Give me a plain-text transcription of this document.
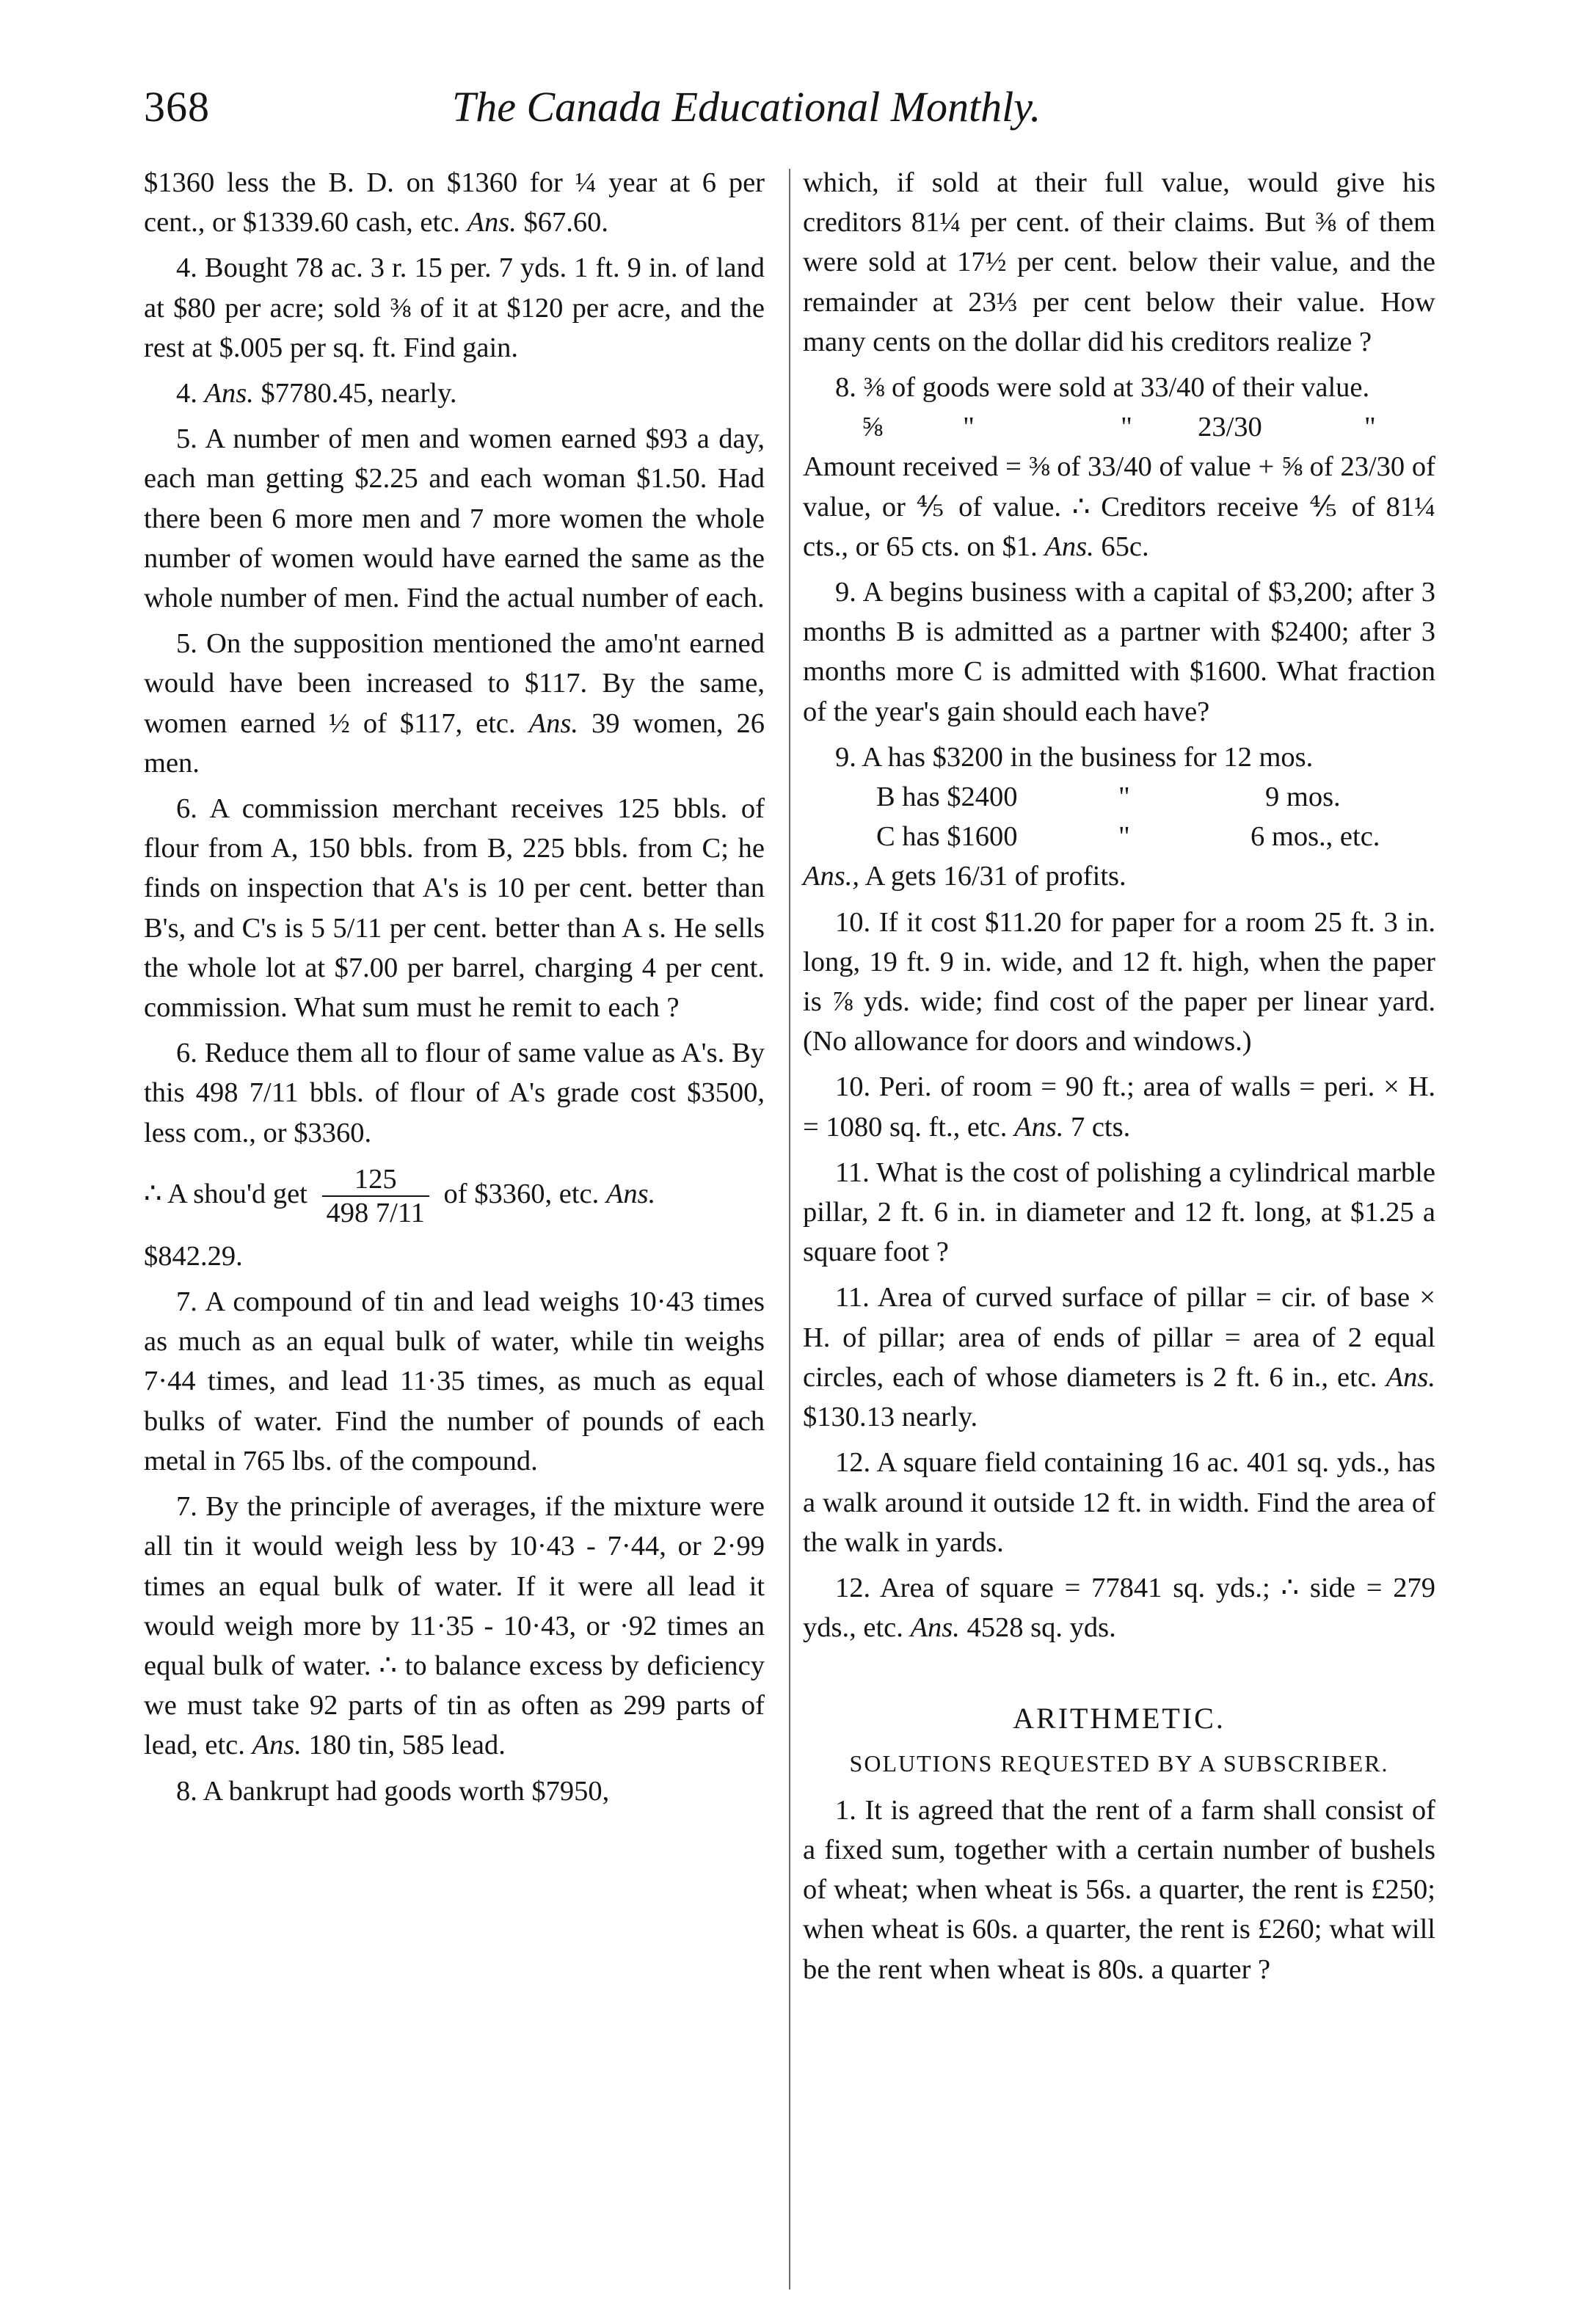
368	The Canada Educational Monthly.

$1360 less the B. D. on $1360 for ¼ year at 6 per cent., or $1339.60 cash, etc. Ans. $67.60.

4. Bought 78 ac. 3 r. 15 per. 7 yds. 1 ft. 9 in. of land at $80 per acre; sold ⅜ of it at $120 per acre, and the rest at $.005 per sq. ft. Find gain.

4. Ans. $7780.45, nearly.

5. A number of men and women earned $93 a day, each man getting $2.25 and each woman $1.50. Had there been 6 more men and 7 more women the whole number of women would have earned the same as the whole number of men. Find the actual number of each.

5. On the supposition mentioned the amo'nt earned would have been increased to $117. By the same, women earned ½ of $117, etc. Ans. 39 women, 26 men.

6. A commission merchant receives 125 bbls. of flour from A, 150 bbls. from B, 225 bbls. from C; he finds on inspection that A's is 10 per cent. better than B's, and C's is 5 5/11 per cent. better than A s. He sells the whole lot at $7.00 per barrel, charging 4 per cent. commission. What sum must he remit to each ?

6. Reduce them all to flour of same value as A's. By this 498 7/11 bbls. of flour of A's grade cost $3500, less com., or $3360.

∴ A shou'd get $\frac{125}{498 7/11}$ of $3360, etc. Ans.

$842.29.

7. A compound of tin and lead weighs 10·43 times as much as an equal bulk of water, while tin weighs 7·44 times, and lead 11·35 times, as much as equal bulks of water. Find the number of pounds of each metal in 765 lbs. of the compound.

7. By the principle of averages, if the mixture were all tin it would weigh less by 10·43 - 7·44, or 2·99 times an equal bulk of water. If it were all lead it would weigh more by 11·35 - 10·43, or ·92 times an equal bulk of water. ∴ to balance excess by deficiency we must take 92 parts of tin as often as 299 parts of lead, etc. Ans. 180 tin, 585 lead.

8. A bankrupt had goods worth $7950,

which, if sold at their full value, would give his creditors 81¼ per cent. of their claims. But ⅜ of them were sold at 17½ per cent. below their value, and the remainder at 23⅓ per cent below their value. How many cents on the dollar did his creditors realize ?

8. ⅜ of goods were sold at 33/40 of their value.
⅝	"	" 23/30	"
Amount received = ⅜ of 33/40 of value + ⅝ of 23/30 of value, or ⅘ of value. ∴ Creditors receive ⅘ of 81¼ cts., or 65 cts. on $1. Ans. 65c.

9. A begins business with a capital of $3,200; after 3 months B is admitted as a partner with $2400; after 3 months more C is admitted with $1600. What fraction of the year's gain should each have?

9. A has $3200 in the business for 12 mos.
B has $2400	"	9 mos.
C has $1600	"	6 mos., etc.
Ans., A gets 16/31 of profits.

10. If it cost $11.20 for paper for a room 25 ft. 3 in. long, 19 ft. 9 in. wide, and 12 ft. high, when the paper is ⅞ yds. wide; find cost of the paper per linear yard. (No allowance for doors and windows.)

10. Peri. of room = 90 ft.; area of walls = peri. × H. = 1080 sq. ft., etc. Ans. 7 cts.

11. What is the cost of polishing a cylindrical marble pillar, 2 ft. 6 in. in diameter and 12 ft. long, at $1.25 a square foot ?

11. Area of curved surface of pillar = cir. of base × H. of pillar; area of ends of pillar = area of 2 equal circles, each of whose diameters is 2 ft. 6 in., etc. Ans. $130.13 nearly.

12. A square field containing 16 ac. 401 sq. yds., has a walk around it outside 12 ft. in width. Find the area of the walk in yards.

12. Area of square = 77841 sq. yds.; ∴ side = 279 yds., etc. Ans. 4528 sq. yds.

ARITHMETIC.
SOLUTIONS REQUESTED BY A SUBSCRIBER.

1. It is agreed that the rent of a farm shall consist of a fixed sum, together with a certain number of bushels of wheat; when wheat is 56s. a quarter, the rent is £250; when wheat is 60s. a quarter, the rent is £260; what will be the rent when wheat is 80s. a quarter ?
